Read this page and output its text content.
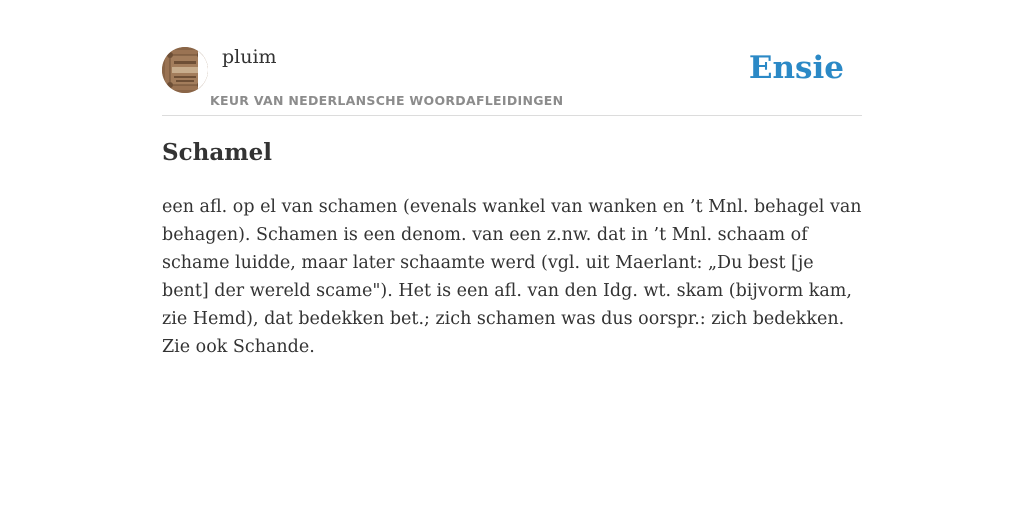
pluim
KEUR VAN NEDERLANSCHE WOORDAFLEIDINGEN
Ensie
Schamel

een afl. op el van schamen (evenals wankel van wanken en ’t Mnl. behagel van behagen). Schamen is een denom. van een z.nw. dat in ’t Mnl. schaam of schame luidde, maar later schaamte werd (vgl. uit Maerlant: „Du best [je bent] der wereld scame"). Het is een afl. van den Idg. wt. skam (bijvorm kam, zie Hemd), dat bedekken bet.; zich schamen was dus oorspr.: zich bedekken. Zie ook Schande.
